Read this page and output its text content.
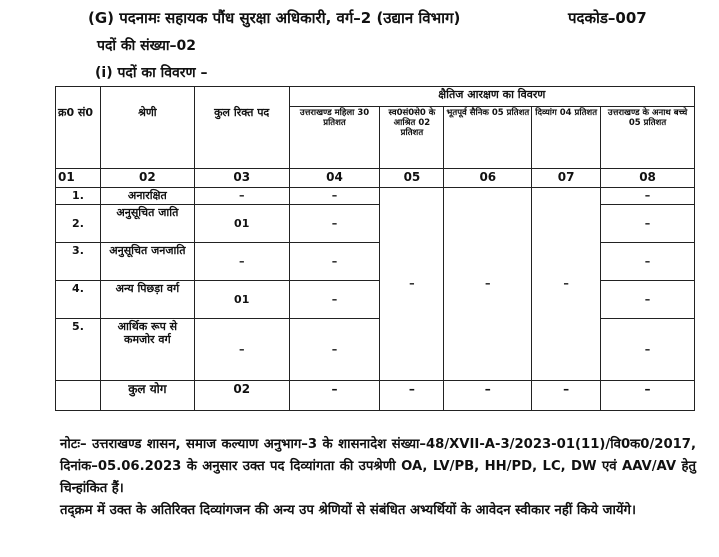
(G) पदनामः सहायक पौंध सुरक्षा अधिकारी, वर्ग–2 (उद्यान विभाग)	पदकोड–007
पदों की संख्या–02
(i) पदों का विवरण –
क्र0 सं0	श्रेणी	कुल रिक्त पद	क्षैतिज आरक्षण का विवरण				
			उत्तराखण्ड महिला 30 प्रतिशत	स्व0सं0से0 के आश्रित 02 प्रतिशत	भूतपूर्व सैनिक 05 प्रतिशत	दिव्यांग 04 प्रतिशत	उत्तराखण्ड के अनाथ बच्चे 05 प्रतिशत
01	02	03	04	05	06	07	08
1.	अनारक्षित	–	–	–	–	–	–
2.	अनुसूचित जाति	01	–				–
3.	अनुसूचित जनजाति	–	–				–
4.	अन्य पिछड़ा वर्ग	01	–				–
5.	आर्थिक रूप से कमजोर वर्ग	–	–				–
	कुल योग	02	–	–	–	–	–

नोटः– उत्तराखण्ड शासन, समाज कल्याण अनुभाग–3 के शासनादेश संख्या–48/XVII-A-3/2023-01(11)/वि0क0/2017, दिनांक–05.06.2023 के अनुसार उक्त पद दिव्यांगता की उपश्रेणी OA, LV/PB, HH/PD, LC, DW एवं AAV/AV हेतु चिन्हांकित हैं।

तद्क्रम में उक्त के अतिरिक्त दिव्यांगजन की अन्य उप श्रेणियों से संबंधित अभ्यर्थियों के आवेदन स्वीकार नहीं किये जायेंगे।
